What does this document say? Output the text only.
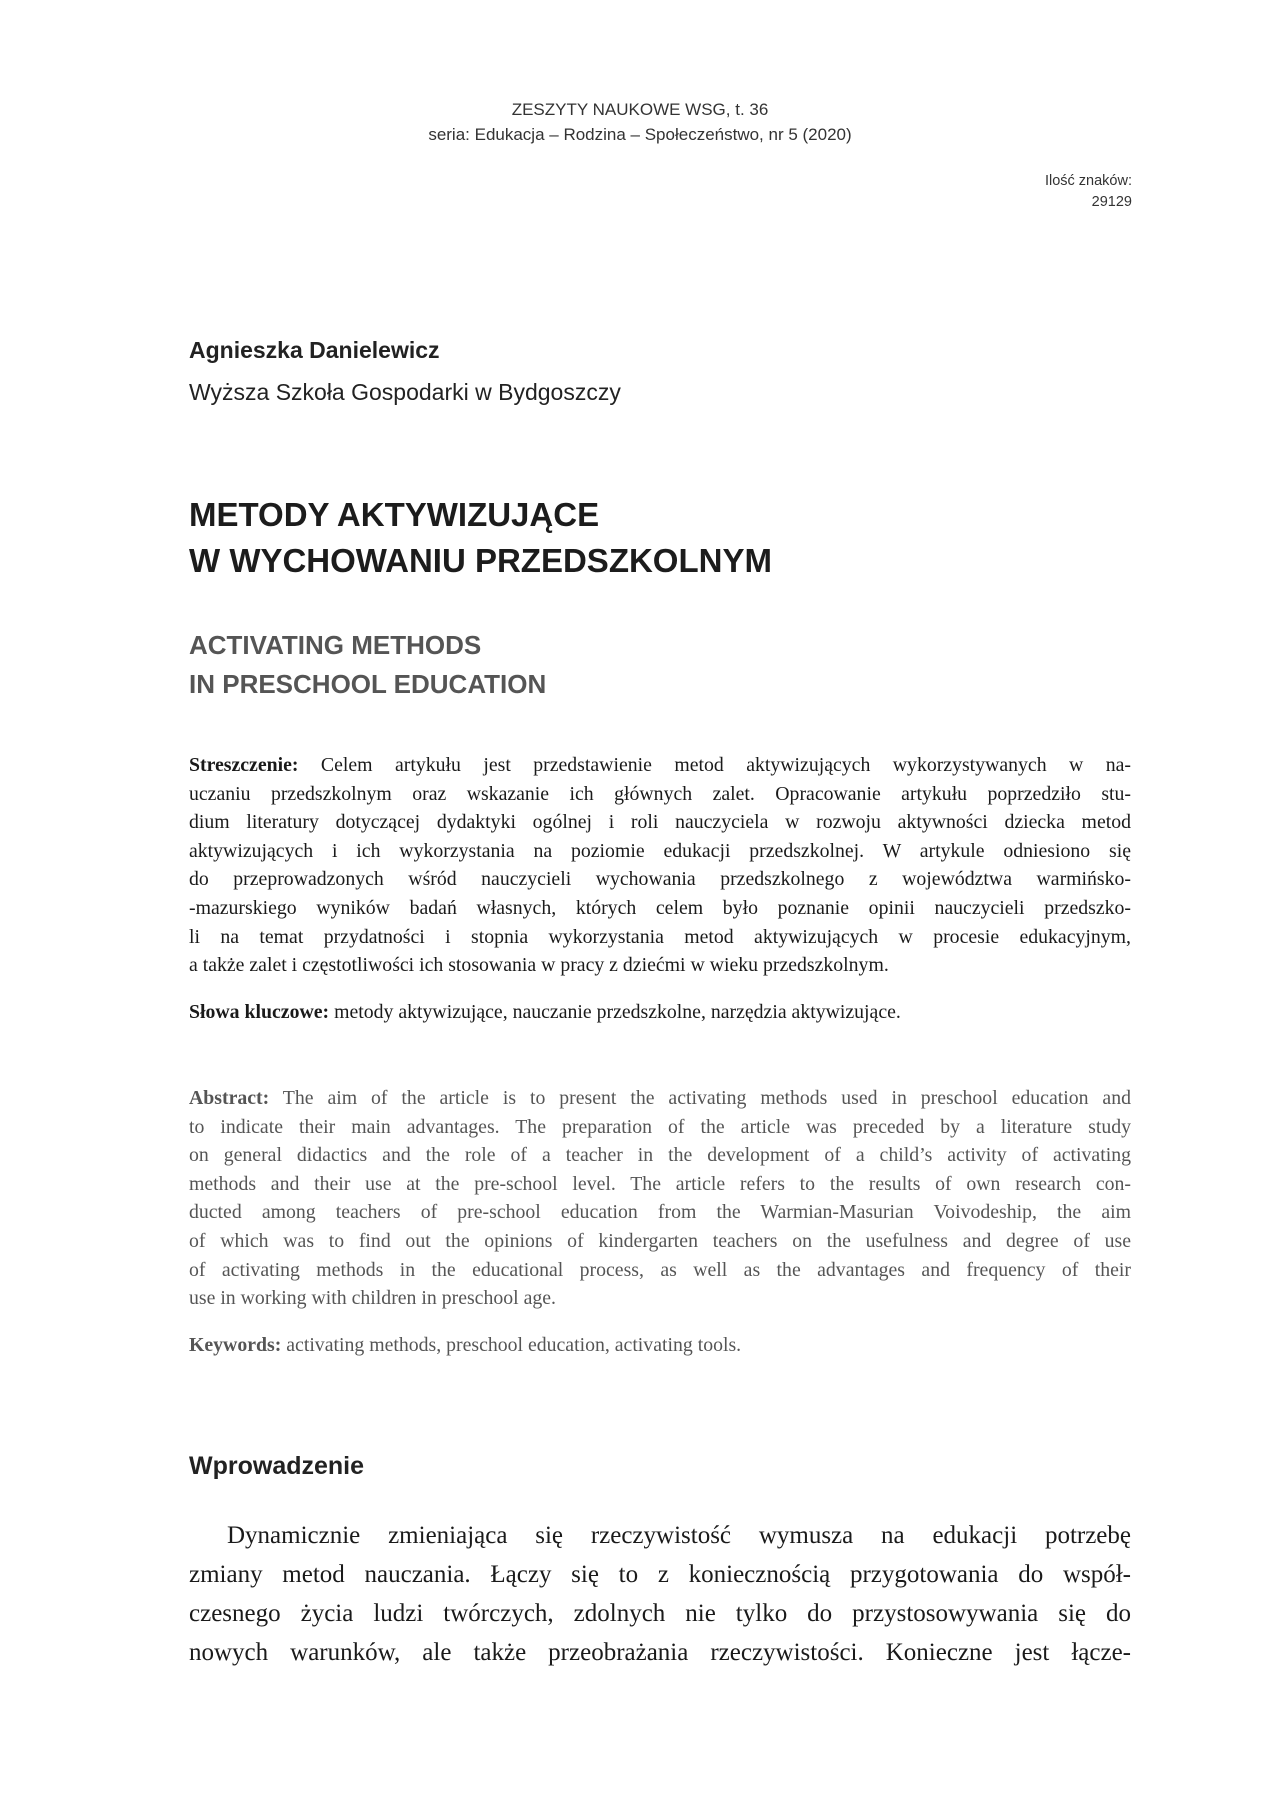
ZESZYTY NAUKOWE WSG, t. 36
seria: Edukacja – Rodzina – Społeczeństwo, nr 5 (2020)
Ilość znaków:
29129
Agnieszka Danielewicz
Wyższa Szkoła Gospodarki w Bydgoszczy
METODY AKTYWIZUJĄCE
W WYCHOWANIU PRZEDSZKOLNYM
ACTIVATING METHODS
IN PRESCHOOL EDUCATION
Streszczenie: Celem artykułu jest przedstawienie metod aktywizujących wykorzystywanych w na-
uczaniu przedszkolnym oraz wskazanie ich głównych zalet. Opracowanie artykułu poprzedziło stu-
dium literatury dotyczącej dydaktyki ogólnej i roli nauczyciela w rozwoju aktywności dziecka metod
aktywizujących i ich wykorzystania na poziomie edukacji przedszkolnej. W artykule odniesiono się
do przeprowadzonych wśród nauczycieli wychowania przedszkolnego z województwa warmińsko-
-mazurskiego wyników badań własnych, których celem było poznanie opinii nauczycieli przedszko-
li na temat przydatności i stopnia wykorzystania metod aktywizujących w procesie edukacyjnym,
a także zalet i częstotliwości ich stosowania w pracy z dziećmi w wieku przedszkolnym.
Słowa kluczowe: metody aktywizujące, nauczanie przedszkolne, narzędzia aktywizujące.
Abstract: The aim of the article is to present the activating methods used in preschool education and
to indicate their main advantages. The preparation of the article was preceded by a literature study
on general didactics and the role of a teacher in the development of a child’s activity of activating
methods and their use at the pre-school level. The article refers to the results of own research con-
ducted among teachers of pre-school education from the Warmian-Masurian Voivodeship, the aim
of which was to find out the opinions of kindergarten teachers on the usefulness and degree of use
of activating methods in the educational process, as well as the advantages and frequency of their
use in working with children in preschool age.
Keywords: activating methods, preschool education, activating tools.
Wprowadzenie
Dynamicznie zmieniająca się rzeczywistość wymusza na edukacji potrzebę
zmiany metod nauczania. Łączy się to z koniecznością przygotowania do współ-
czesnego życia ludzi twórczych, zdolnych nie tylko do przystosowywania się do
nowych warunków, ale także przeobrażania rzeczywistości. Konieczne jest łącze-
